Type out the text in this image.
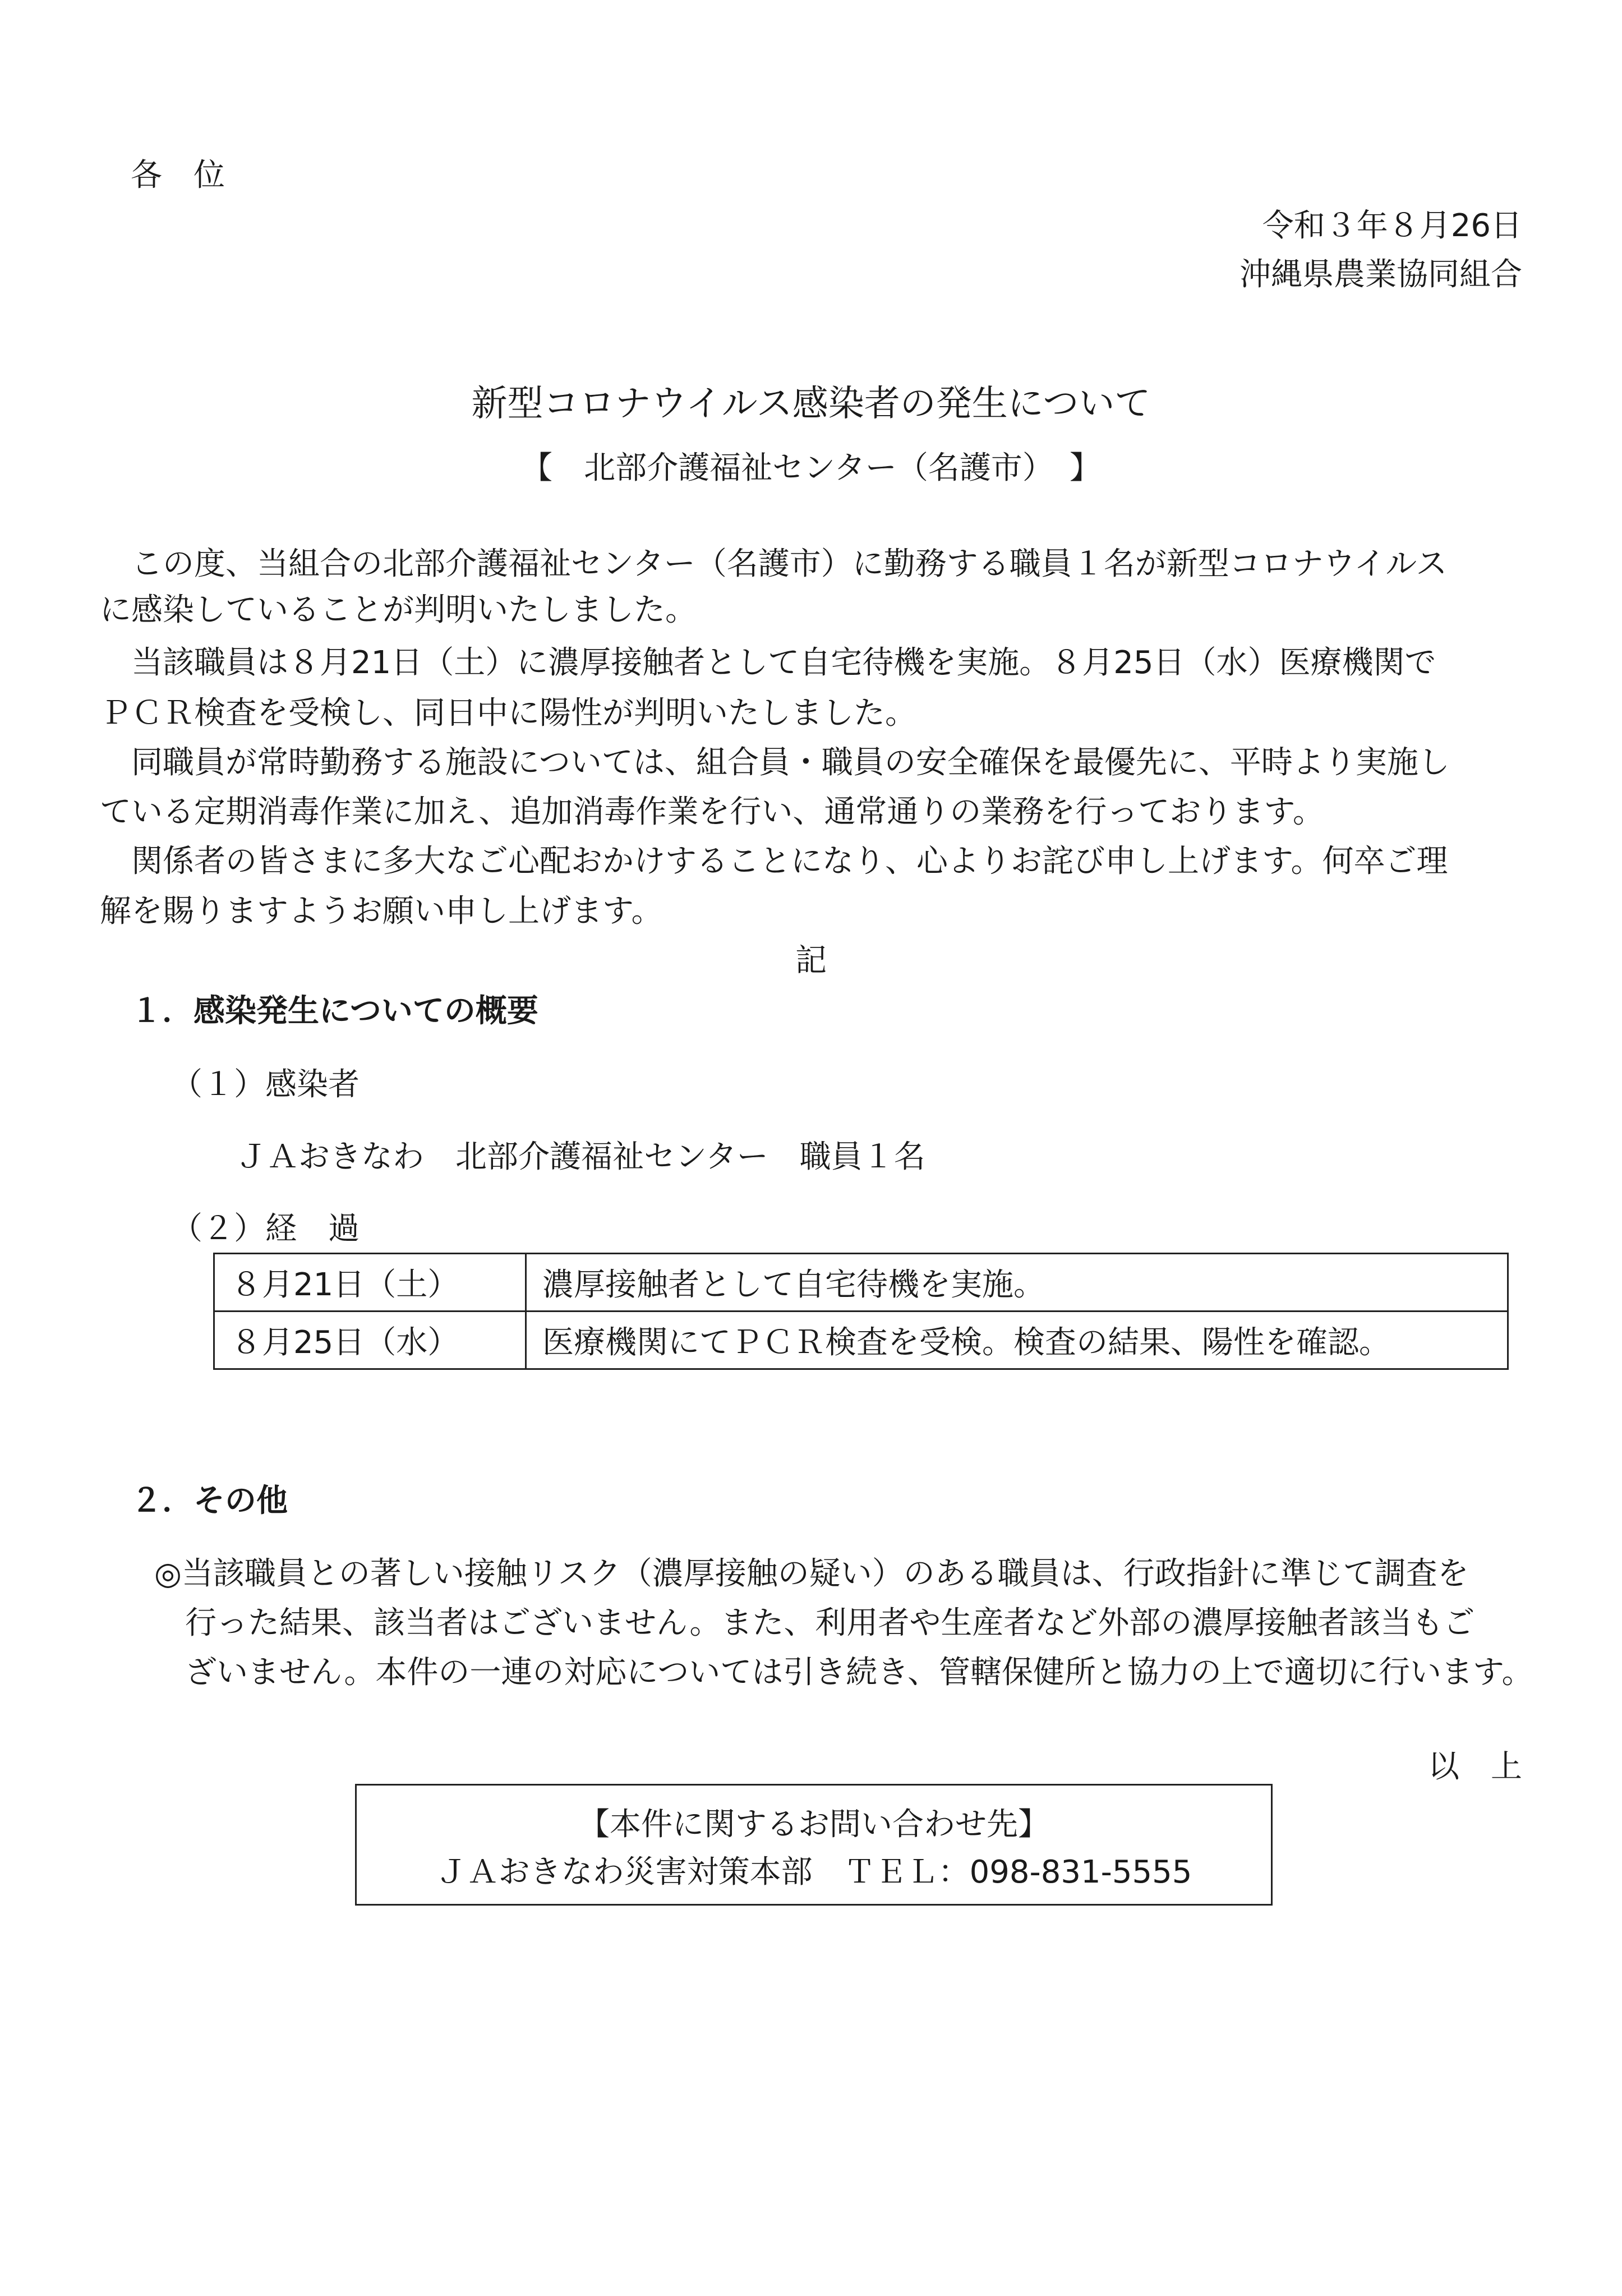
各　位
令和３年８月26日
沖縄県農業協同組合
新型コロナウイルス感染者の発生について
【　北部介護福祉センター（名護市）　】
　この度、当組合の北部介護福祉センター（名護市）に勤務する職員１名が新型コロナウイルス
に感染していることが判明いたしました。
　当該職員は８月21日（土）に濃厚接触者として自宅待機を実施。８月25日（水）医療機関で
ＰＣＲ検査を受検し、同日中に陽性が判明いたしました。
　同職員が常時勤務する施設については、組合員・職員の安全確保を最優先に、平時より実施し
ている定期消毒作業に加え、追加消毒作業を行い、通常通りの業務を行っております。
　関係者の皆さまに多大なご心配おかけすることになり、心よりお詫び申し上げます。何卒ご理
解を賜りますようお願い申し上げます。
記
１．感染発生についての概要
（１）感染者
ＪＡおきなわ　北部介護福祉センター　職員１名
（２）経　過
８月21日（土）	濃厚接触者として自宅待機を実施。
８月25日（水）	医療機関にてＰＣＲ検査を受検。検査の結果、陽性を確認。
２．その他
◎当該職員との著しい接触リスク（濃厚接触の疑い）のある職員は、行政指針に準じて調査を
行った結果、該当者はございません。また、利用者や生産者など外部の濃厚接触者該当もご
ざいません。本件の一連の対応については引き続き、管轄保健所と協力の上で適切に行います。
以　上
【本件に関するお問い合わせ先】
ＪＡおきなわ災害対策本部　ＴＥＬ：098-831-5555
